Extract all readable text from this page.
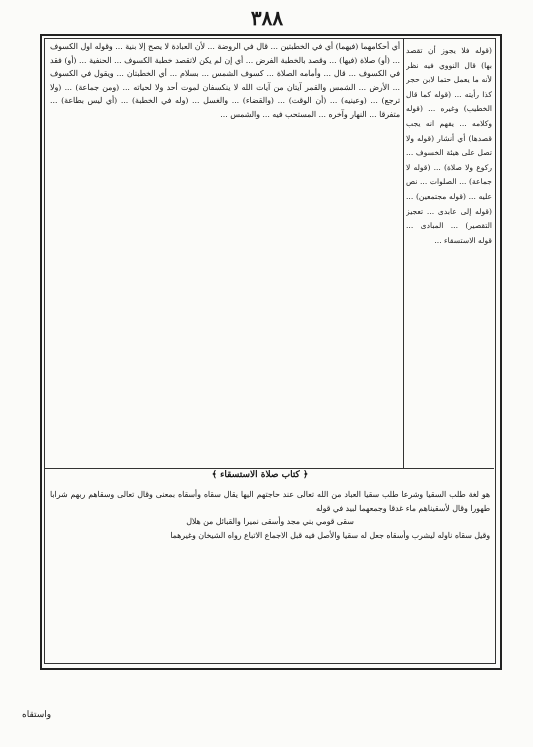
٣٨٨

(قوله فلا يجوز أن تقصد بها) قال النووي فيه نظر لأنه ما يعمل حتما لابن حجر كذا رأيته ... (قوله كما قال الخطيب) وغيره ... (قوله وكلامه ... يفهم انه يجب قصدها) أي أنشار (قوله ولا تصل على هيئة الخسوف ... ركوع ولا صلاة) ... (قوله لا جماعة) ... الصلوات ... نص عليه ... (قوله مجتمعين) ... (قوله إلى عابدى ... تعجيز التقصير) ... المبادى ... قوله الاستسقاء ...

أي أحكامهما (فيهما) أي في الخطبتين ... قال في الروضة ... لأن العبادة لا يصح إلا بنية ... وقوله اول الكسوف ... (أو) صلاة (فيها) ... وقصد بالخطبة الفرض ... أي إن لم يكن لاتقصد خطبة الكسوف ... الحنفية ... (أو) فقد في الكسوف ... قال ... وأمامه الصلاة ... كسوف الشمس ... بسلام ... أي الخطبتان ... ويقول في الكسوف ... الأرض ... الشمس والقمر آيتان من آيات الله لا ينكسفان لموت أحد ولا لحياته ... (ومن جماعة) ... (ولا ترجع) ... (وعينيه) ... (أن الوقت) ... (والقضاء) ... والغسل ... (وله في الخطبة) ... (أي ليس بطاعة) ... متفرقا ... النهار وآخره ... المستحب فيه ... والشمس ...

﴿ كتاب صلاة الاستسقاء ﴾

هو لغة طلب السقيا وشرعا طلب سقيا العباد من الله تعالى عند حاجتهم اليها يقال سقاه وأسقاه بمعنى وقال تعالى وسقاهم ربهم شرابا طهورا وقال لأسقيناهم ماء غدقا وجمعهما لبيد في قوله

سقى قومي بني مجد وأسقى نميرا والقبائل من هلال

وقيل سقاه ناوله ليشرب وأسقاه جعل له سقيا والأصل فيه قبل الاجماع الاتباع رواه الشيخان وغيرهما

واستقاه
